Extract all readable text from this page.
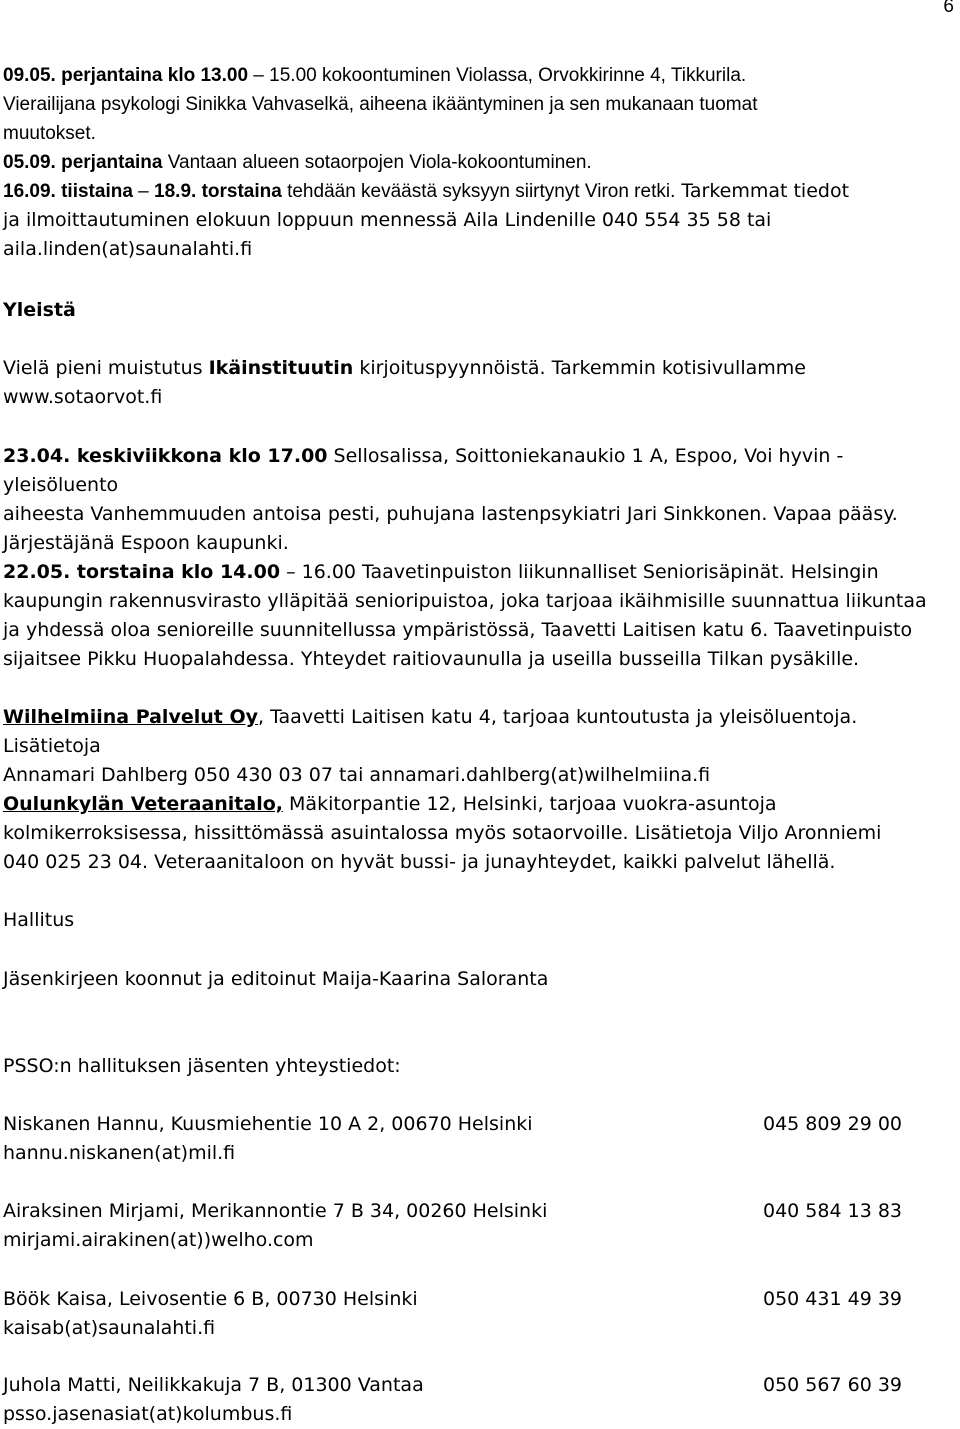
6

09.05. perjantaina klo 13.00 – 15.00 kokoontuminen Violassa, Orvokkirinne 4, Tikkurila.

Vierailijana psykologi Sinikka Vahvaselkä, aiheena ikääntyminen ja sen mukanaan tuomat

muutokset.

05.09. perjantaina Vantaan alueen sotaorpojen Viola-kokoontuminen.

16.09. tiistaina – 18.9. torstaina tehdään keväästä syksyyn siirtynyt Viron retki. Tarkemmat tiedot

ja ilmoittautuminen elokuun loppuun mennessä Aila Lindenille 040 554 35 58 tai

aila.linden(at)saunalahti.fi

Yleistä

Vielä pieni muistutus Ikäinstituutin kirjoituspyynnöistä. Tarkemmin kotisivullamme

www.sotaorvot.fi

23.04. keskiviikkona klo 17.00 Sellosalissa, Soittoniekanaukio 1 A, Espoo, Voi hyvin - yleisöluento

aiheesta Vanhemmuuden antoisa pesti, puhujana lastenpsykiatri Jari Sinkkonen. Vapaa pääsy.

Järjestäjänä Espoon kaupunki.

22.05. torstaina klo 14.00 – 16.00 Taavetinpuiston liikunnalliset Seniorisäpinät. Helsingin

kaupungin rakennusvirasto ylläpitää senioripuistoa, joka tarjoaa ikäihmisille suunnattua liikuntaa

ja yhdessä oloa senioreille suunnitellussa ympäristössä, Taavetti Laitisen katu 6. Taavetinpuisto

sijaitsee Pikku Huopalahdessa. Yhteydet raitiovaunulla ja useilla busseilla Tilkan pysäkille.

Wilhelmiina Palvelut Oy, Taavetti Laitisen katu 4, tarjoaa kuntoutusta ja yleisöluentoja. Lisätietoja

Annamari Dahlberg 050 430 03 07 tai annamari.dahlberg(at)wilhelmiina.fi

Oulunkylän Veteraanitalo, Mäkitorpantie 12, Helsinki, tarjoaa vuokra-asuntoja

kolmikerroksisessa, hissittömässä asuintalossa myös sotaorvoille. Lisätietoja Viljo Aronniemi

040 025 23 04. Veteraanitaloon on hyvät bussi- ja junayhteydet, kaikki palvelut lähellä.

Hallitus

Jäsenkirjeen koonnut ja editoinut Maija-Kaarina Saloranta

PSSO:n hallituksen jäsenten yhteystiedot:

Niskanen Hannu, Kuusmiehentie 10 A 2, 00670 Helsinki	045 809 29 00

hannu.niskanen(at)mil.fi

Airaksinen Mirjami, Merikannontie 7 B 34, 00260 Helsinki	040 584 13 83

mirjami.airakinen(at))welho.com

Böök Kaisa, Leivosentie 6 B, 00730 Helsinki	050 431 49 39

kaisab(at)saunalahti.fi

Juhola Matti, Neilikkakuja 7 B, 01300 Vantaa	050 567 60 39

psso.jasenasiat(at)kolumbus.fi
